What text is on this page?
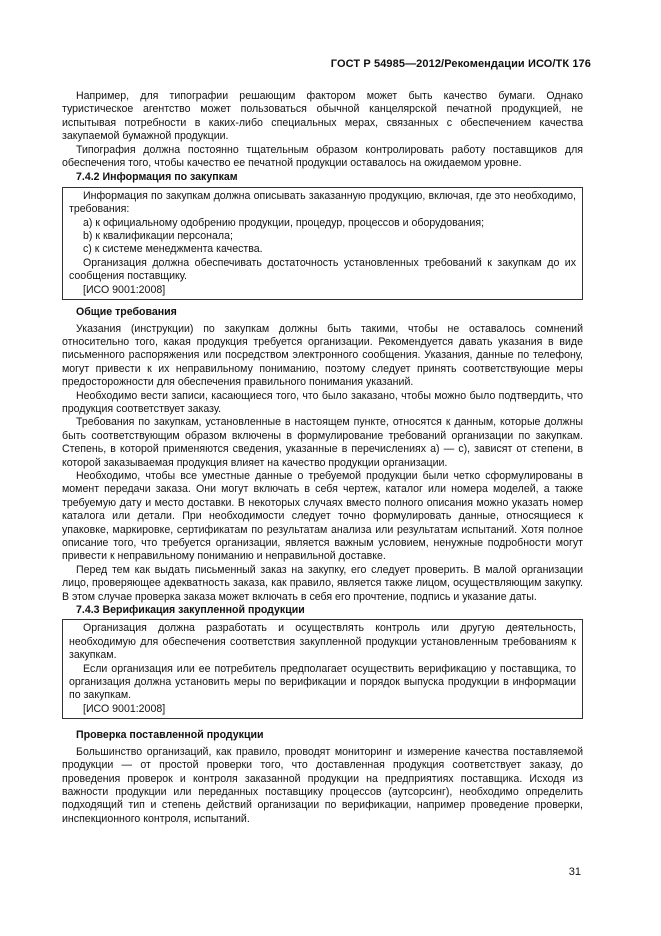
ГОСТ Р 54985—2012/Рекомендации ИСО/ТК 176

Например, для типографии решающим фактором может быть качество бумаги. Однако туристическое агентство может пользоваться обычной канцелярской печатной продукцией, не испытывая потребности в каких-либо специальных мерах, связанных с обеспечением качества закупаемой бумажной продукции.

Типография должна постоянно тщательным образом контролировать работу поставщиков для обеспечения того, чтобы качество ее печатной продукции оставалось на ожидаемом уровне.

7.4.2 Информация по закупкам

Информация по закупкам должна описывать заказанную продукцию, включая, где это необходимо, требования:

a) к официальному одобрению продукции, процедур, процессов и оборудования;

b) к квалификации персонала;

c) к системе менеджмента качества.

Организация должна обеспечивать достаточность установленных требований к закупкам до их сообщения поставщику.

[ИСО 9001:2008]

Общие требования

Указания (инструкции) по закупкам должны быть такими, чтобы не оставалось сомнений относительно того, какая продукция требуется организации. Рекомендуется давать указания в виде письменного распоряжения или посредством электронного сообщения. Указания, данные по телефону, могут привести к их неправильному пониманию, поэтому следует принять соответствующие меры предосторожности для обеспечения правильного понимания указаний.

Необходимо вести записи, касающиеся того, что было заказано, чтобы можно было подтвердить, что продукция соответствует заказу.

Требования по закупкам, установленные в настоящем пункте, относятся к данным, которые должны быть соответствующим образом включены в формулирование требований организации по закупкам. Степень, в которой применяются сведения, указанные в перечислениях а) — с), зависят от степени, в которой заказываемая продукция влияет на качество продукции организации.

Необходимо, чтобы все уместные данные о требуемой продукции были четко сформулированы в момент передачи заказа. Они могут включать в себя чертеж, каталог или номера моделей, а также требуемую дату и место доставки. В некоторых случаях вместо полного описания можно указать номер каталога или детали. При необходимости следует точно формулировать данные, относящиеся к упаковке, маркировке, сертификатам по результатам анализа или результатам испытаний. Хотя полное описание того, что требуется организации, является важным условием, ненужные подробности могут привести к неправильному пониманию и неправильной доставке.

Перед тем как выдать письменный заказ на закупку, его следует проверить. В малой организации лицо, проверяющее адекватность заказа, как правило, является также лицом, осуществляющим закупку. В этом случае проверка заказа может включать в себя его прочтение, подпись и указание даты.

7.4.3 Верификация закупленной продукции

Организация должна разработать и осуществлять контроль или другую деятельность, необходимую для обеспечения соответствия закупленной продукции установленным требованиям к закупкам.

Если организация или ее потребитель предполагает осуществить верификацию у поставщика, то организация должна установить меры по верификации и порядок выпуска продукции в информации по закупкам.

[ИСО 9001:2008]

Проверка поставленной продукции

Большинство организаций, как правило, проводят мониторинг и измерение качества поставляемой продукции — от простой проверки того, что доставленная продукция соответствует заказу, до проведения проверок и контроля заказанной продукции на предприятиях поставщика. Исходя из важности продукции или переданных поставщику процессов (аутсорсинг), необходимо определить подходящий тип и степень действий организации по верификации, например проведение проверки, инспекционного контроля, испытаний.

31
